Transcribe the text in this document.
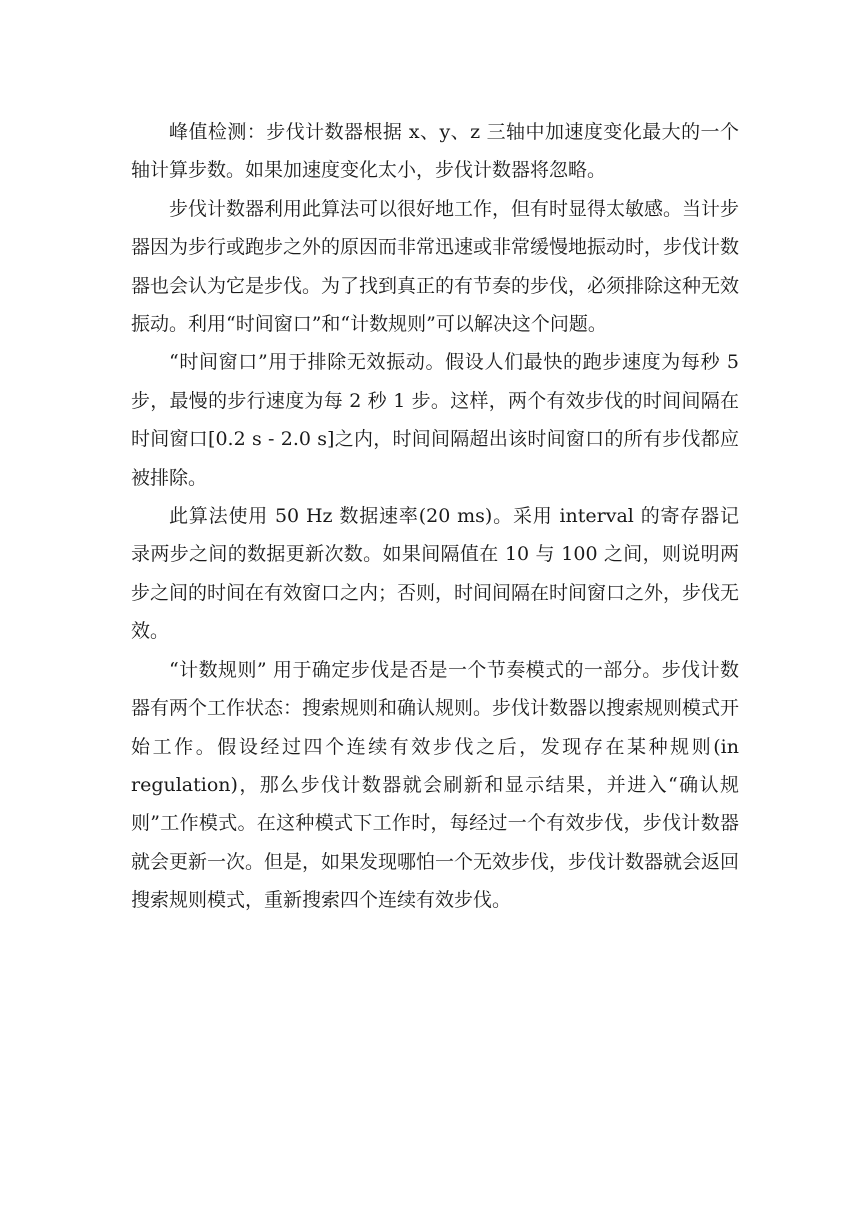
峰值检测：步伐计数器根据 x、y、z 三轴中加速度变化最大的一个轴计算步数。如果加速度变化太小，步伐计数器将忽略。

步伐计数器利用此算法可以很好地工作，但有时显得太敏感。当计步器因为步行或跑步之外的原因而非常迅速或非常缓慢地振动时，步伐计数器也会认为它是步伐。为了找到真正的有节奏的步伐，必须排除这种无效振动。利用“时间窗口”和“计数规则”可以解决这个问题。

“时间窗口”用于排除无效振动。假设人们最快的跑步速度为每秒 5 步，最慢的步行速度为每 2 秒 1 步。这样，两个有效步伐的时间间隔在时间窗口[0.2 s - 2.0 s]之内，时间间隔超出该时间窗口的所有步伐都应被排除。

此算法使用 50 Hz 数据速率(20 ms)。采用 interval 的寄存器记录两步之间的数据更新次数。如果间隔值在 10 与 100 之间，则说明两步之间的时间在有效窗口之内；否则，时间间隔在时间窗口之外，步伐无效。

“计数规则” 用于确定步伐是否是一个节奏模式的一部分。步伐计数器有两个工作状态：搜索规则和确认规则。步伐计数器以搜索规则模式开始工作。假设经过四个连续有效步伐之后，发现存在某种规则(in regulation)，那么步伐计数器就会刷新和显示结果，并进入“确认规则”工作模式。在这种模式下工作时，每经过一个有效步伐，步伐计数器就会更新一次。但是，如果发现哪怕一个无效步伐，步伐计数器就会返回搜索规则模式，重新搜索四个连续有效步伐。
